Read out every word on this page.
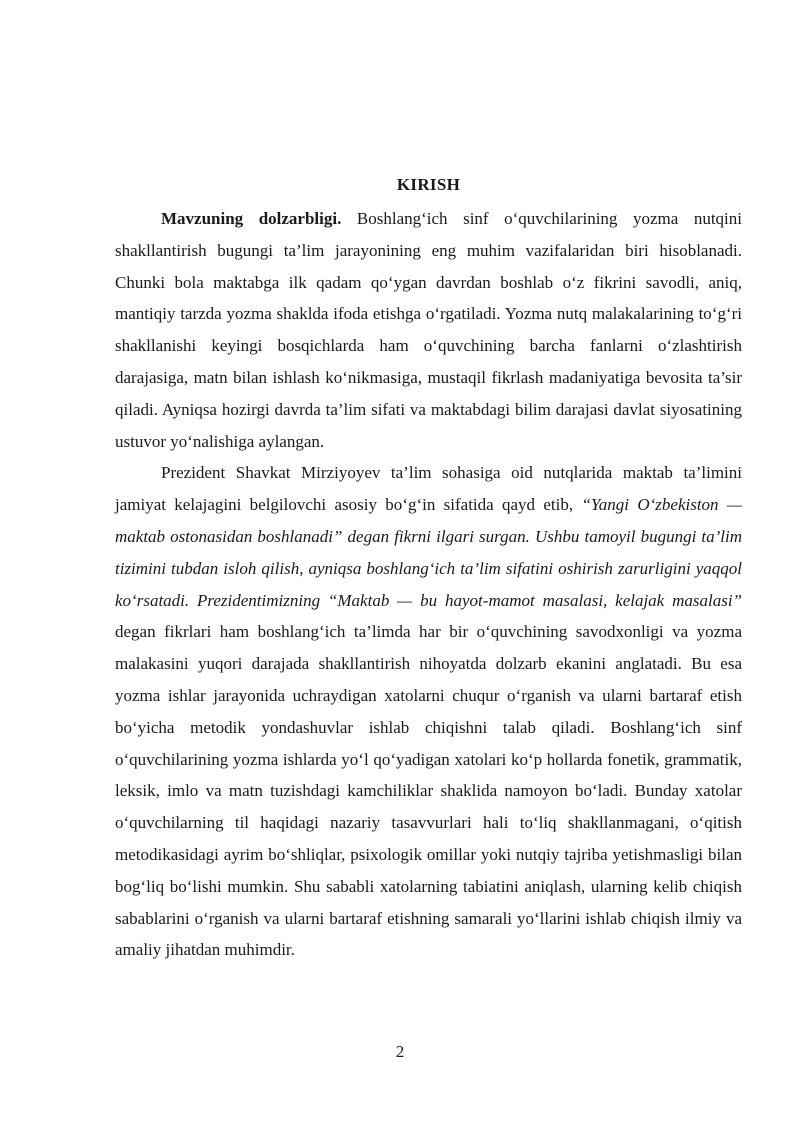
KIRISH

Mavzuning dolzarbligi. Boshlang‘ich sinf o‘quvchilarining yozma nutqini shakllantirish bugungi ta’lim jarayonining eng muhim vazifalaridan biri hisoblanadi. Chunki bola maktabga ilk qadam qo‘ygan davrdan boshlab o‘z fikrini savodli, aniq, mantiqiy tarzda yozma shaklda ifoda etishga o‘rgatiladi. Yozma nutq malakalarining to‘g‘ri shakllanishi keyingi bosqichlarda ham o‘quvchining barcha fanlarni o‘zlashtirish darajasiga, matn bilan ishlash ko‘nikmasiga, mustaqil fikrlash madaniyatiga bevosita ta’sir qiladi. Ayniqsa hozirgi davrda ta’lim sifati va maktabdagi bilim darajasi davlat siyosatining ustuvor yo‘nalishiga aylangan.

Prezident Shavkat Mirziyoyev ta’lim sohasiga oid nutqlarida maktab ta’limini jamiyat kelajagini belgilovchi asosiy bo‘g‘in sifatida qayd etib, “Yangi O‘zbekiston — maktab ostonasidan boshlanadi” degan fikrni ilgari surgan. Ushbu tamoyil bugungi ta’lim tizimini tubdan isloh qilish, ayniqsa boshlang‘ich ta’lim sifatini oshirish zarurligini yaqqol ko‘rsatadi. Prezidentimizning “Maktab — bu hayot-mamot masalasi, kelajak masalasi” degan fikrlari ham boshlang‘ich ta’limda har bir o‘quvchining savodxonligi va yozma malakasini yuqori darajada shakllantirish nihoyatda dolzarb ekanini anglatadi. Bu esa yozma ishlar jarayonida uchraydigan xatolarni chuqur o‘rganish va ularni bartaraf etish bo‘yicha metodik yondashuvlar ishlab chiqishni talab qiladi. Boshlang‘ich sinf o‘quvchilarining yozma ishlarda yo‘l qo‘yadigan xatolari ko‘p hollarda fonetik, grammatik, leksik, imlo va matn tuzishdagi kamchiliklar shaklida namoyon bo‘ladi. Bunday xatolar o‘quvchilarning til haqidagi nazariy tasavvurlari hali to‘liq shakllanmagani, o‘qitish metodikasidagi ayrim bo‘shliqlar, psixologik omillar yoki nutqiy tajriba yetishmasligi bilan bog‘liq bo‘lishi mumkin. Shu sababli xatolarning tabiatini aniqlash, ularning kelib chiqish sabablarini o‘rganish va ularni bartaraf etishning samarali yo‘llarini ishlab chiqish ilmiy va amaliy jihatdan muhimdir.

2
